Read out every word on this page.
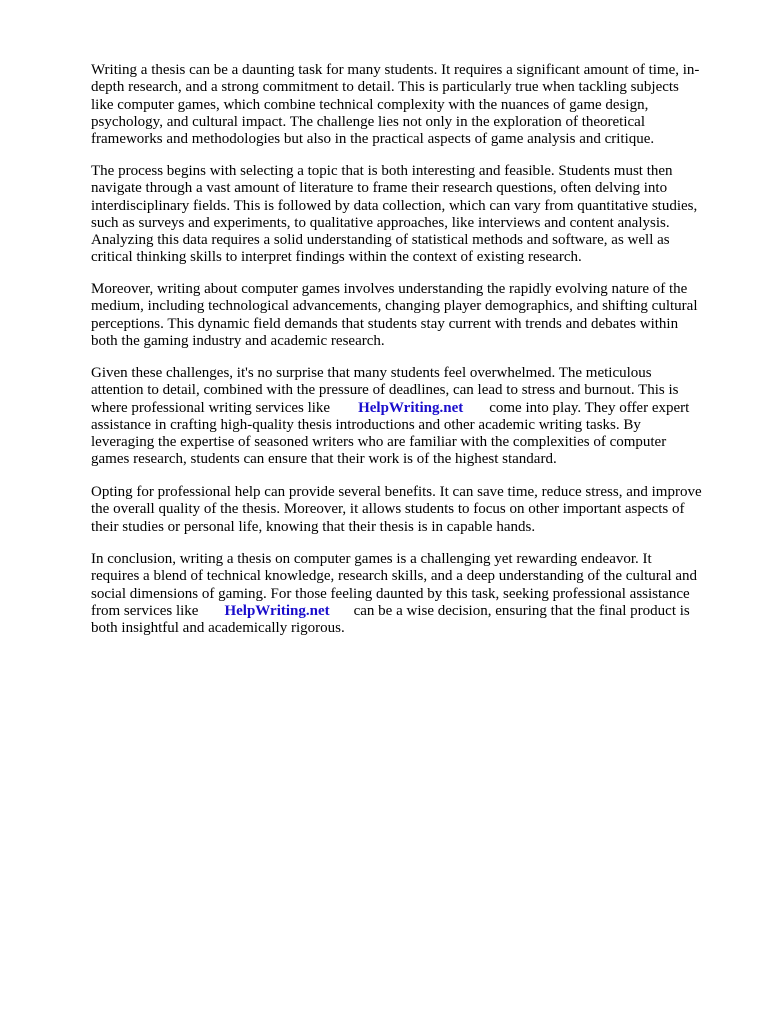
Writing a thesis can be a daunting task for many students. It requires a significant amount of time, in-
depth research, and a strong commitment to detail. This is particularly true when tackling subjects
like computer games, which combine technical complexity with the nuances of game design,
psychology, and cultural impact. The challenge lies not only in the exploration of theoretical
frameworks and methodologies but also in the practical aspects of game analysis and critique.

The process begins with selecting a topic that is both interesting and feasible. Students must then
navigate through a vast amount of literature to frame their research questions, often delving into
interdisciplinary fields. This is followed by data collection, which can vary from quantitative studies,
such as surveys and experiments, to qualitative approaches, like interviews and content analysis.
Analyzing this data requires a solid understanding of statistical methods and software, as well as
critical thinking skills to interpret findings within the context of existing research.

Moreover, writing about computer games involves understanding the rapidly evolving nature of the
medium, including technological advancements, changing player demographics, and shifting cultural
perceptions. This dynamic field demands that students stay current with trends and debates within
both the gaming industry and academic research.

Given these challenges, it's no surprise that many students feel overwhelmed. The meticulous
attention to detail, combined with the pressure of deadlines, can lead to stress and burnout. This is
where professional writing services like HelpWriting.net come into play. They offer expert
assistance in crafting high-quality thesis introductions and other academic writing tasks. By
leveraging the expertise of seasoned writers who are familiar with the complexities of computer
games research, students can ensure that their work is of the highest standard.

Opting for professional help can provide several benefits. It can save time, reduce stress, and improve
the overall quality of the thesis. Moreover, it allows students to focus on other important aspects of
their studies or personal life, knowing that their thesis is in capable hands.

In conclusion, writing a thesis on computer games is a challenging yet rewarding endeavor. It
requires a blend of technical knowledge, research skills, and a deep understanding of the cultural and
social dimensions of gaming. For those feeling daunted by this task, seeking professional assistance
from services like HelpWriting.net can be a wise decision, ensuring that the final product is
both insightful and academically rigorous.
